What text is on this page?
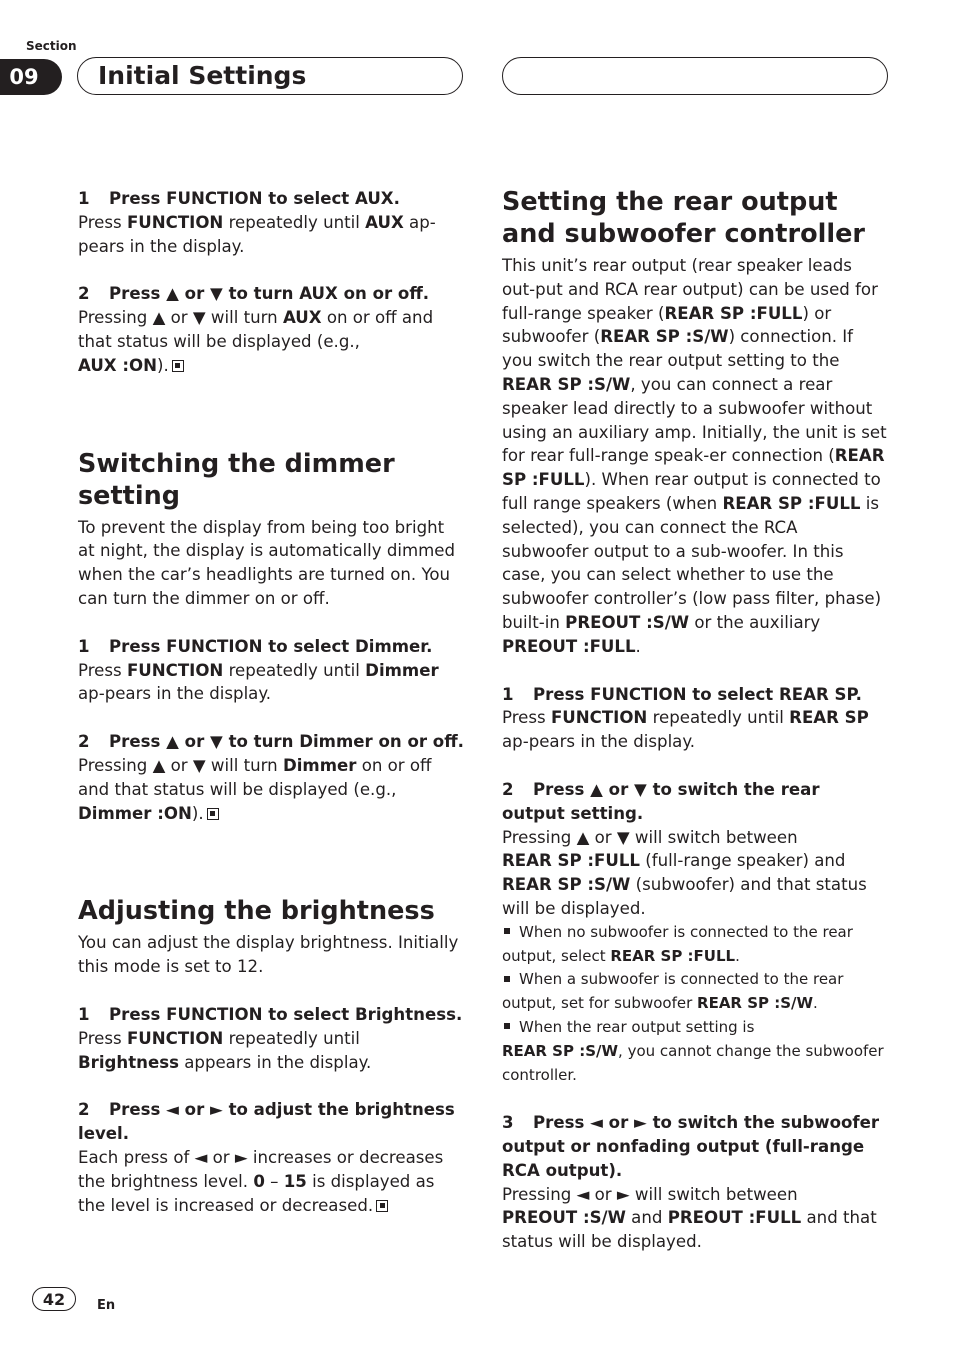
Section
09	Initial Settings

1 Press FUNCTION to select AUX.

Press FUNCTION repeatedly until AUX ap-pears in the display.

2 Press ▲ or ▼ to turn AUX on or off.

Pressing ▲ or ▼ will turn AUX on or off and that status will be displayed (e.g.,
AUX :ON).

Switching the dimmer setting

To prevent the display from being too bright at night, the display is automatically dimmed when the car’s headlights are turned on. You can turn the dimmer on or off.

1 Press FUNCTION to select Dimmer.

Press FUNCTION repeatedly until Dimmer ap-pears in the display.

2 Press ▲ or ▼ to turn Dimmer on or off.

Pressing ▲ or ▼ will turn Dimmer on or off and that status will be displayed (e.g.,
Dimmer :ON).

Adjusting the brightness

You can adjust the display brightness. Initially this mode is set to 12.

1 Press FUNCTION to select Brightness.

Press FUNCTION repeatedly until Brightness appears in the display.

2 Press ◄ or ► to adjust the brightness level.

Each press of ◄ or ► increases or decreases the brightness level. 0 – 15 is displayed as the level is increased or decreased.

Setting the rear output and subwoofer controller

This unit’s rear output (rear speaker leads out-put and RCA rear output) can be used for full-range speaker (REAR SP :FULL) or subwoofer (REAR SP :S/W) connection. If you switch the rear output setting to the REAR SP :S/W, you can connect a rear speaker lead directly to a subwoofer without using an auxiliary amp. Initially, the unit is set for rear full-range speak-er connection (REAR SP :FULL). When rear output is connected to full range speakers (when REAR SP :FULL is selected), you can connect the RCA subwoofer output to a sub-woofer. In this case, you can select whether to use the subwoofer controller’s (low pass filter, phase) built-in PREOUT :S/W or the auxiliary PREOUT :FULL.

1 Press FUNCTION to select REAR SP.

Press FUNCTION repeatedly until REAR SP ap-pears in the display.

2 Press ▲ or ▼ to switch the rear output setting.

Pressing ▲ or ▼ will switch between
REAR SP :FULL (full-range speaker) and
REAR SP :S/W (subwoofer) and that status will be displayed.

When no subwoofer is connected to the rear output, select REAR SP :FULL.

When a subwoofer is connected to the rear output, set for subwoofer REAR SP :S/W.

When the rear output setting is
REAR SP :S/W, you cannot change the subwoofer controller.

3 Press ◄ or ► to switch the subwoofer output or nonfading output (full-range RCA output).

Pressing ◄ or ► will switch between
PREOUT :S/W and PREOUT :FULL and that status will be displayed.

42	En
